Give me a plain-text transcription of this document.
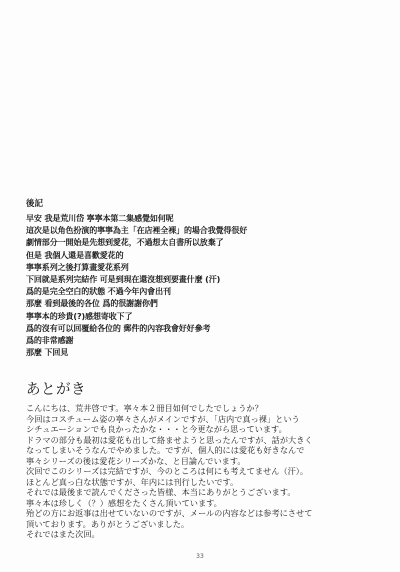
後記
早安 我是荒川岱 寧寧本第二集感覺如何呢
這次是以角色扮演的寧寧為主「在店裡全裸」的場合我覺得很好
劇情部分一開始是先想到愛花，不過想太自書所以放棄了
但是 我個人還是喜歡愛花的
寧寧系列之後打算畫愛花系列
下回就是系列完結作 可是到現在還沒想到要畫什麼 (汗)
爲的是完全空白的狀態 不過今年內會出刊
那麼 看到最後的各位 爲的很謝謝你們
寧寧本的珍貴(?)感想寄收下了
爲的沒有可以回覆給各位的 郵件的內容我會好好參考
爲的非常感謝
那麼 下回見
あとがき
こんにちは、荒井啓です。寧々本２冊目如何でしたでしょうか？
今回はコスチューム姿の寧々さんがメインですが、「店内で真っ裸」という
シチュエーションでも良かったかな・・・と今更ながら思っています。
ドラマの部分も最初は愛花も出して絡ませようと思ったんですが、話が大きく
なってしまいそうなんでやめました。ですが、個人的には愛花も好きなんで
寧々シリーズの後は愛花シリーズかな、と目論んでいます。
次回でこのシリーズは完結ですが、今のところは何にも考えてません（汗）。
ほとんど真っ白な状態ですが、年内には刊行したいです。
それでは最後まで読んでくださった皆様、本当にありがとうございます。
寧々本は珍しく（？）感想をたくさん頂いています。
殆どの方にお返事は出せていないのですが、メールの内容などは参考にさせて
頂いております。ありがとうございました。
それではまた次回。
33
